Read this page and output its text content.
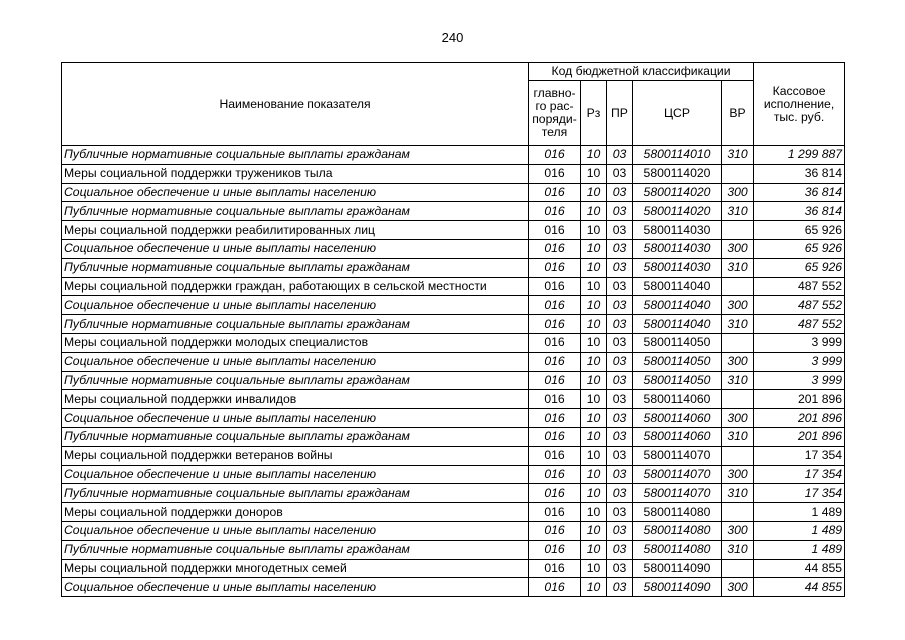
240
Наименование показателя	Код бюджетной классификации					Кассовое исполнение, тыс. руб.
	главно-го рас-поряди-теля	Рз	ПР	ЦСР	ВР	
Публичные нормативные социальные выплаты гражданам	016	10	03	5800114010	310	1 299 887
Меры социальной поддержки тружеников тыла	016	10	03	5800114020		36 814
Социальное обеспечение и иные выплаты населению	016	10	03	5800114020	300	36 814
Публичные нормативные социальные выплаты гражданам	016	10	03	5800114020	310	36 814
Меры социальной поддержки реабилитированных лиц	016	10	03	5800114030		65 926
Социальное обеспечение и иные выплаты населению	016	10	03	5800114030	300	65 926
Публичные нормативные социальные выплаты гражданам	016	10	03	5800114030	310	65 926
Меры социальной поддержки граждан, работающих в сельской местности	016	10	03	5800114040		487 552
Социальное обеспечение и иные выплаты населению	016	10	03	5800114040	300	487 552
Публичные нормативные социальные выплаты гражданам	016	10	03	5800114040	310	487 552
Меры социальной поддержки молодых специалистов	016	10	03	5800114050		3 999
Социальное обеспечение и иные выплаты населению	016	10	03	5800114050	300	3 999
Публичные нормативные социальные выплаты гражданам	016	10	03	5800114050	310	3 999
Меры социальной поддержки инвалидов	016	10	03	5800114060		201 896
Социальное обеспечение и иные выплаты населению	016	10	03	5800114060	300	201 896
Публичные нормативные социальные выплаты гражданам	016	10	03	5800114060	310	201 896
Меры социальной поддержки ветеранов войны	016	10	03	5800114070		17 354
Социальное обеспечение и иные выплаты населению	016	10	03	5800114070	300	17 354
Публичные нормативные социальные выплаты гражданам	016	10	03	5800114070	310	17 354
Меры социальной поддержки доноров	016	10	03	5800114080		1 489
Социальное обеспечение и иные выплаты населению	016	10	03	5800114080	300	1 489
Публичные нормативные социальные выплаты гражданам	016	10	03	5800114080	310	1 489
Меры социальной поддержки многодетных семей	016	10	03	5800114090		44 855
Социальное обеспечение и иные выплаты населению	016	10	03	5800114090	300	44 855
